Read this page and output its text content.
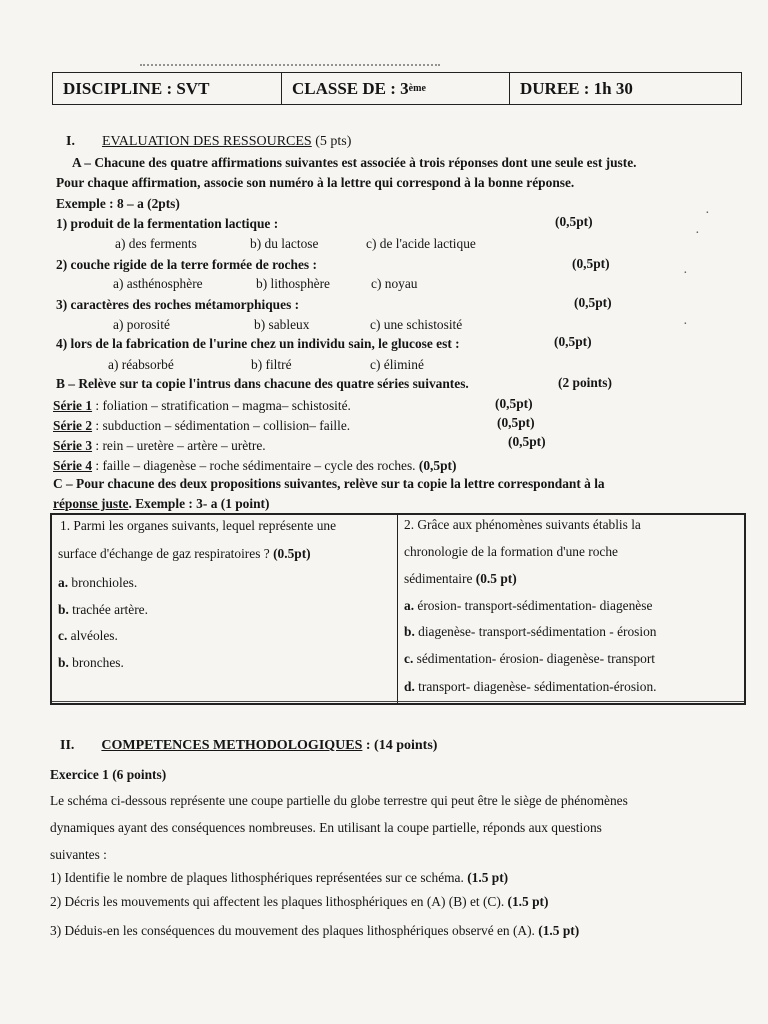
DISCIPLINE : SVT	CLASSE DE : 3 ème	DUREE : 1h 30
I. EVALUATION DES RESSOURCES (5 pts)
A – Chacune des quatre affirmations suivantes est associée à trois réponses dont une seule est juste.
Pour chaque affirmation, associe son numéro à la lettre qui correspond à la bonne réponse.
Exemple : 8 – a (2pts)
1) produit de la fermentation lactique :	(0,5pt)
a) des ferments	b) du lactose	c) de l'acide lactique
2) couche rigide de la terre formée de roches :	(0,5pt)
a) asthénosphère	b) lithosphère	c) noyau
3) caractères des roches métamorphiques :	(0,5pt)
a) porosité	b) sableux	c) une schistosité
4) lors de la fabrication de l'urine chez un individu sain, le glucose est :	(0,5pt)
a) réabsorbé	b) filtré	c) éliminé
B – Relève sur ta copie l'intrus dans chacune des quatre séries suivantes.	(2 points)
Série 1 : foliation – stratification – magma– schistosité.	(0,5pt)
Série 2 : subduction – sédimentation – collision– faille.	(0,5pt)
Série 3 : rein – uretère – artère – urètre.	(0,5pt)
Série 4 : faille – diagenèse – roche sédimentaire – cycle des roches. (0,5pt)
C – Pour chacune des deux propositions suivantes, relève sur ta copie la lettre correspondant à la
réponse juste. Exemple : 3- a (1 point)
1. Parmi les organes suivants, lequel représente une
surface d'échange de gaz respiratoires ? (0.5pt)
a. bronchioles.
b. trachée artère.
c. alvéoles.
b. bronches.
2. Grâce aux phénomènes suivants établis la
chronologie de la formation d'une roche
sédimentaire (0.5 pt)
a. érosion- transport-sédimentation- diagenèse
b. diagenèse- transport-sédimentation - érosion
c. sédimentation- érosion- diagenèse- transport
d. transport- diagenèse- sédimentation-érosion.
II. COMPETENCES METHODOLOGIQUES : (14 points)
Exercice 1 (6 points)
Le schéma ci-dessous représente une coupe partielle du globe terrestre qui peut être le siège de phénomènes
dynamiques ayant des conséquences nombreuses. En utilisant la coupe partielle, réponds aux questions
suivantes :
1) Identifie le nombre de plaques lithosphériques représentées sur ce schéma. (1.5 pt)
2) Décris les mouvements qui affectent les plaques lithosphériques en (A) (B) et (C). (1.5 pt)
3) Déduis-en les conséquences du mouvement des plaques lithosphériques observé en (A). (1.5 pt)
·
·
·
·
